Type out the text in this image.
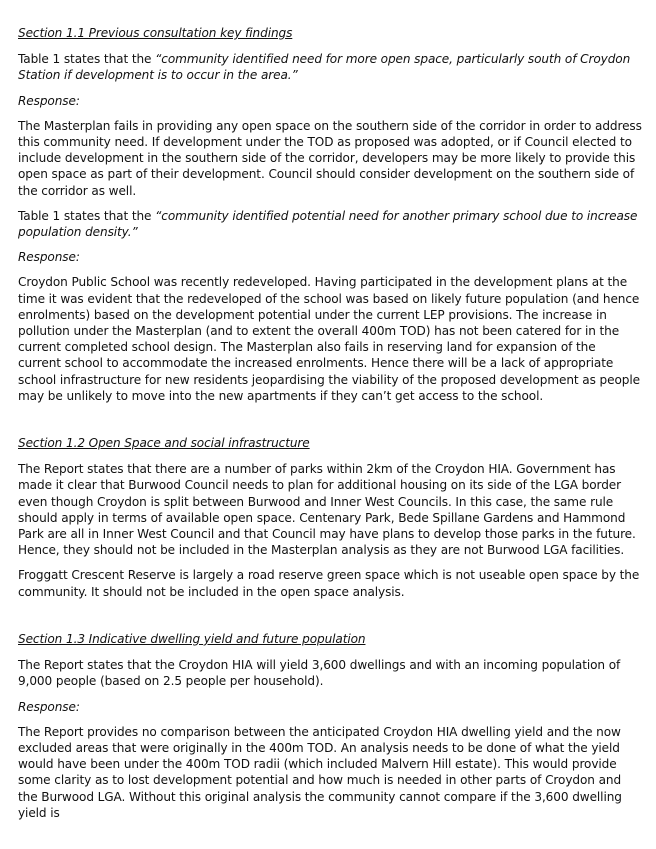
Section 1.1 Previous consultation key findings

Table 1 states that the “community identified need for more open space, particularly south of Croydon Station if development is to occur in the area.”

Response:

The Masterplan fails in providing any open space on the southern side of the corridor in order to address this community need. If development under the TOD as proposed was adopted, or if Council elected to include development in the southern side of the corridor, developers may be more likely to provide this open space as part of their development. Council should consider development on the southern side of the corridor as well.

Table 1 states that the “community identified potential need for another primary school due to increase population density.”

Response:

Croydon Public School was recently redeveloped. Having participated in the development plans at the time it was evident that the redeveloped of the school was based on likely future population (and hence enrolments) based on the development potential under the current LEP provisions. The increase in pollution under the Masterplan (and to extent the overall 400m TOD) has not been catered for in the current completed school design. The Masterplan also fails in reserving land for expansion of the current school to accommodate the increased enrolments. Hence there will be a lack of appropriate school infrastructure for new residents jeopardising the viability of the proposed development as people may be unlikely to move into the new apartments if they can’t get access to the school.

Section 1.2 Open Space and social infrastructure

The Report states that there are a number of parks within 2km of the Croydon HIA. Government has made it clear that Burwood Council needs to plan for additional housing on its side of the LGA border even though Croydon is split between Burwood and Inner West Councils. In this case, the same rule should apply in terms of available open space. Centenary Park, Bede Spillane Gardens and Hammond Park are all in Inner West Council and that Council may have plans to develop those parks in the future. Hence, they should not be included in the Masterplan analysis as they are not Burwood LGA facilities.

Froggatt Crescent Reserve is largely a road reserve green space which is not useable open space by the community. It should not be included in the open space analysis.

Section 1.3 Indicative dwelling yield and future population

The Report states that the Croydon HIA will yield 3,600 dwellings and with an incoming population of 9,000 people (based on 2.5 people per household).

Response:

The Report provides no comparison between the anticipated Croydon HIA dwelling yield and the now excluded areas that were originally in the 400m TOD. An analysis needs to be done of what the yield would have been under the 400m TOD radii (which included Malvern Hill estate). This would provide some clarity as to lost development potential and how much is needed in other parts of Croydon and the Burwood LGA. Without this original analysis the community cannot compare if the 3,600 dwelling yield is
